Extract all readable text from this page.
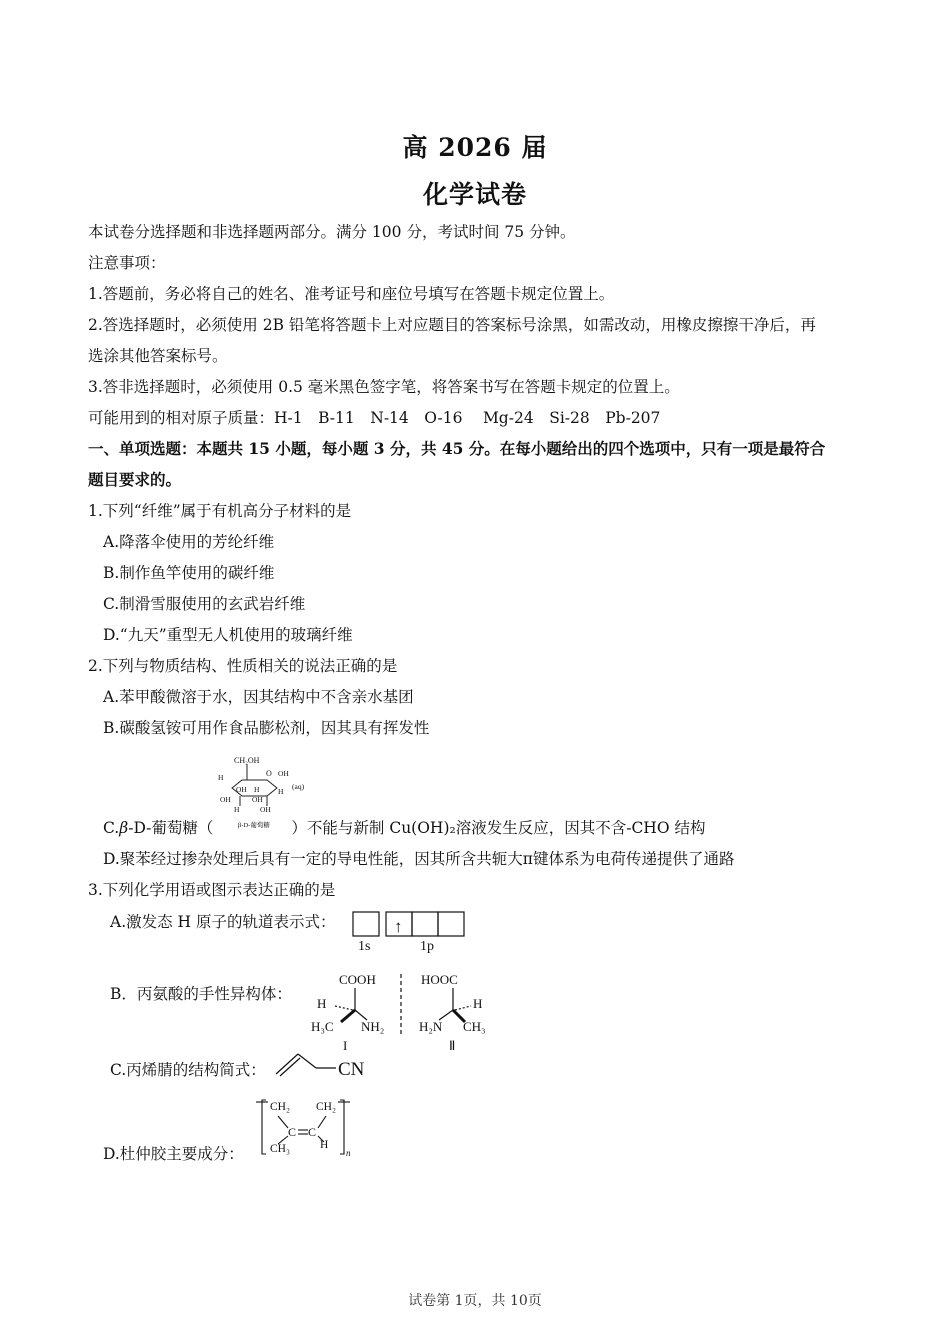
高 2026 届
化学试卷
本试卷分选择题和非选择题两部分。满分 100 分，考试时间 75 分钟。
注意事项：
1.答题前，务必将自己的姓名、准考证号和座位号填写在答题卡规定位置上。
2.答选择题时，必须使用 2B 铅笔将答题卡上对应题目的答案标号涂黑，如需改动，用橡皮擦擦干净后，再
选涂其他答案标号。
3.答非选择题时，必须使用 0.5 毫米黑色签字笔，将答案书写在答题卡规定的位置上。
可能用到的相对原子质量：H-1　B-11　N-14　O-16　 Mg-24　Si-28　Pb-207
一、单项选题：本题共 15 小题，每小题 3 分，共 45 分。在每小题给出的四个选项中，只有一项是最符合
题目要求的。
1.下列“纤维”属于有机高分子材料的是
A.降落伞使用的芳纶纤维
B.制作鱼竿使用的碳纤维
C.制滑雪服使用的玄武岩纤维
D.“九天”重型无人机使用的玻璃纤维
2.下列与物质结构、性质相关的说法正确的是
A.苯甲酸微溶于水，因其结构中不含亲水基团
B.碳酸氢铵可用作食品膨松剂，因其具有挥发性
CH₂OH
O OH
H
OH H H
OH	OH
H	OH
(aq)
β-D-葡萄糖
C.β-D-葡萄糖（	）不能与新制 Cu(OH)₂溶液发生反应，因其不含-CHO 结构
D.聚苯经过掺杂处理后具有一定的导电性能，因其所含共轭大π键体系为电荷传递提供了通路
3.下列化学用语或图示表达正确的是
A.激发态 H 原子的轨道表示式：	↑
1s	1p
B．丙氨酸的手性异构体：
COOH
H
H₃C NH₂
I
HOOC
H
H₂N CH₃
Ⅱ
C.丙烯腈的结构简式：	CN
D.杜仲胶主要成分：
CH₂ CH₂
C C
CH₃	H
n
试卷第 1页，共 10页
